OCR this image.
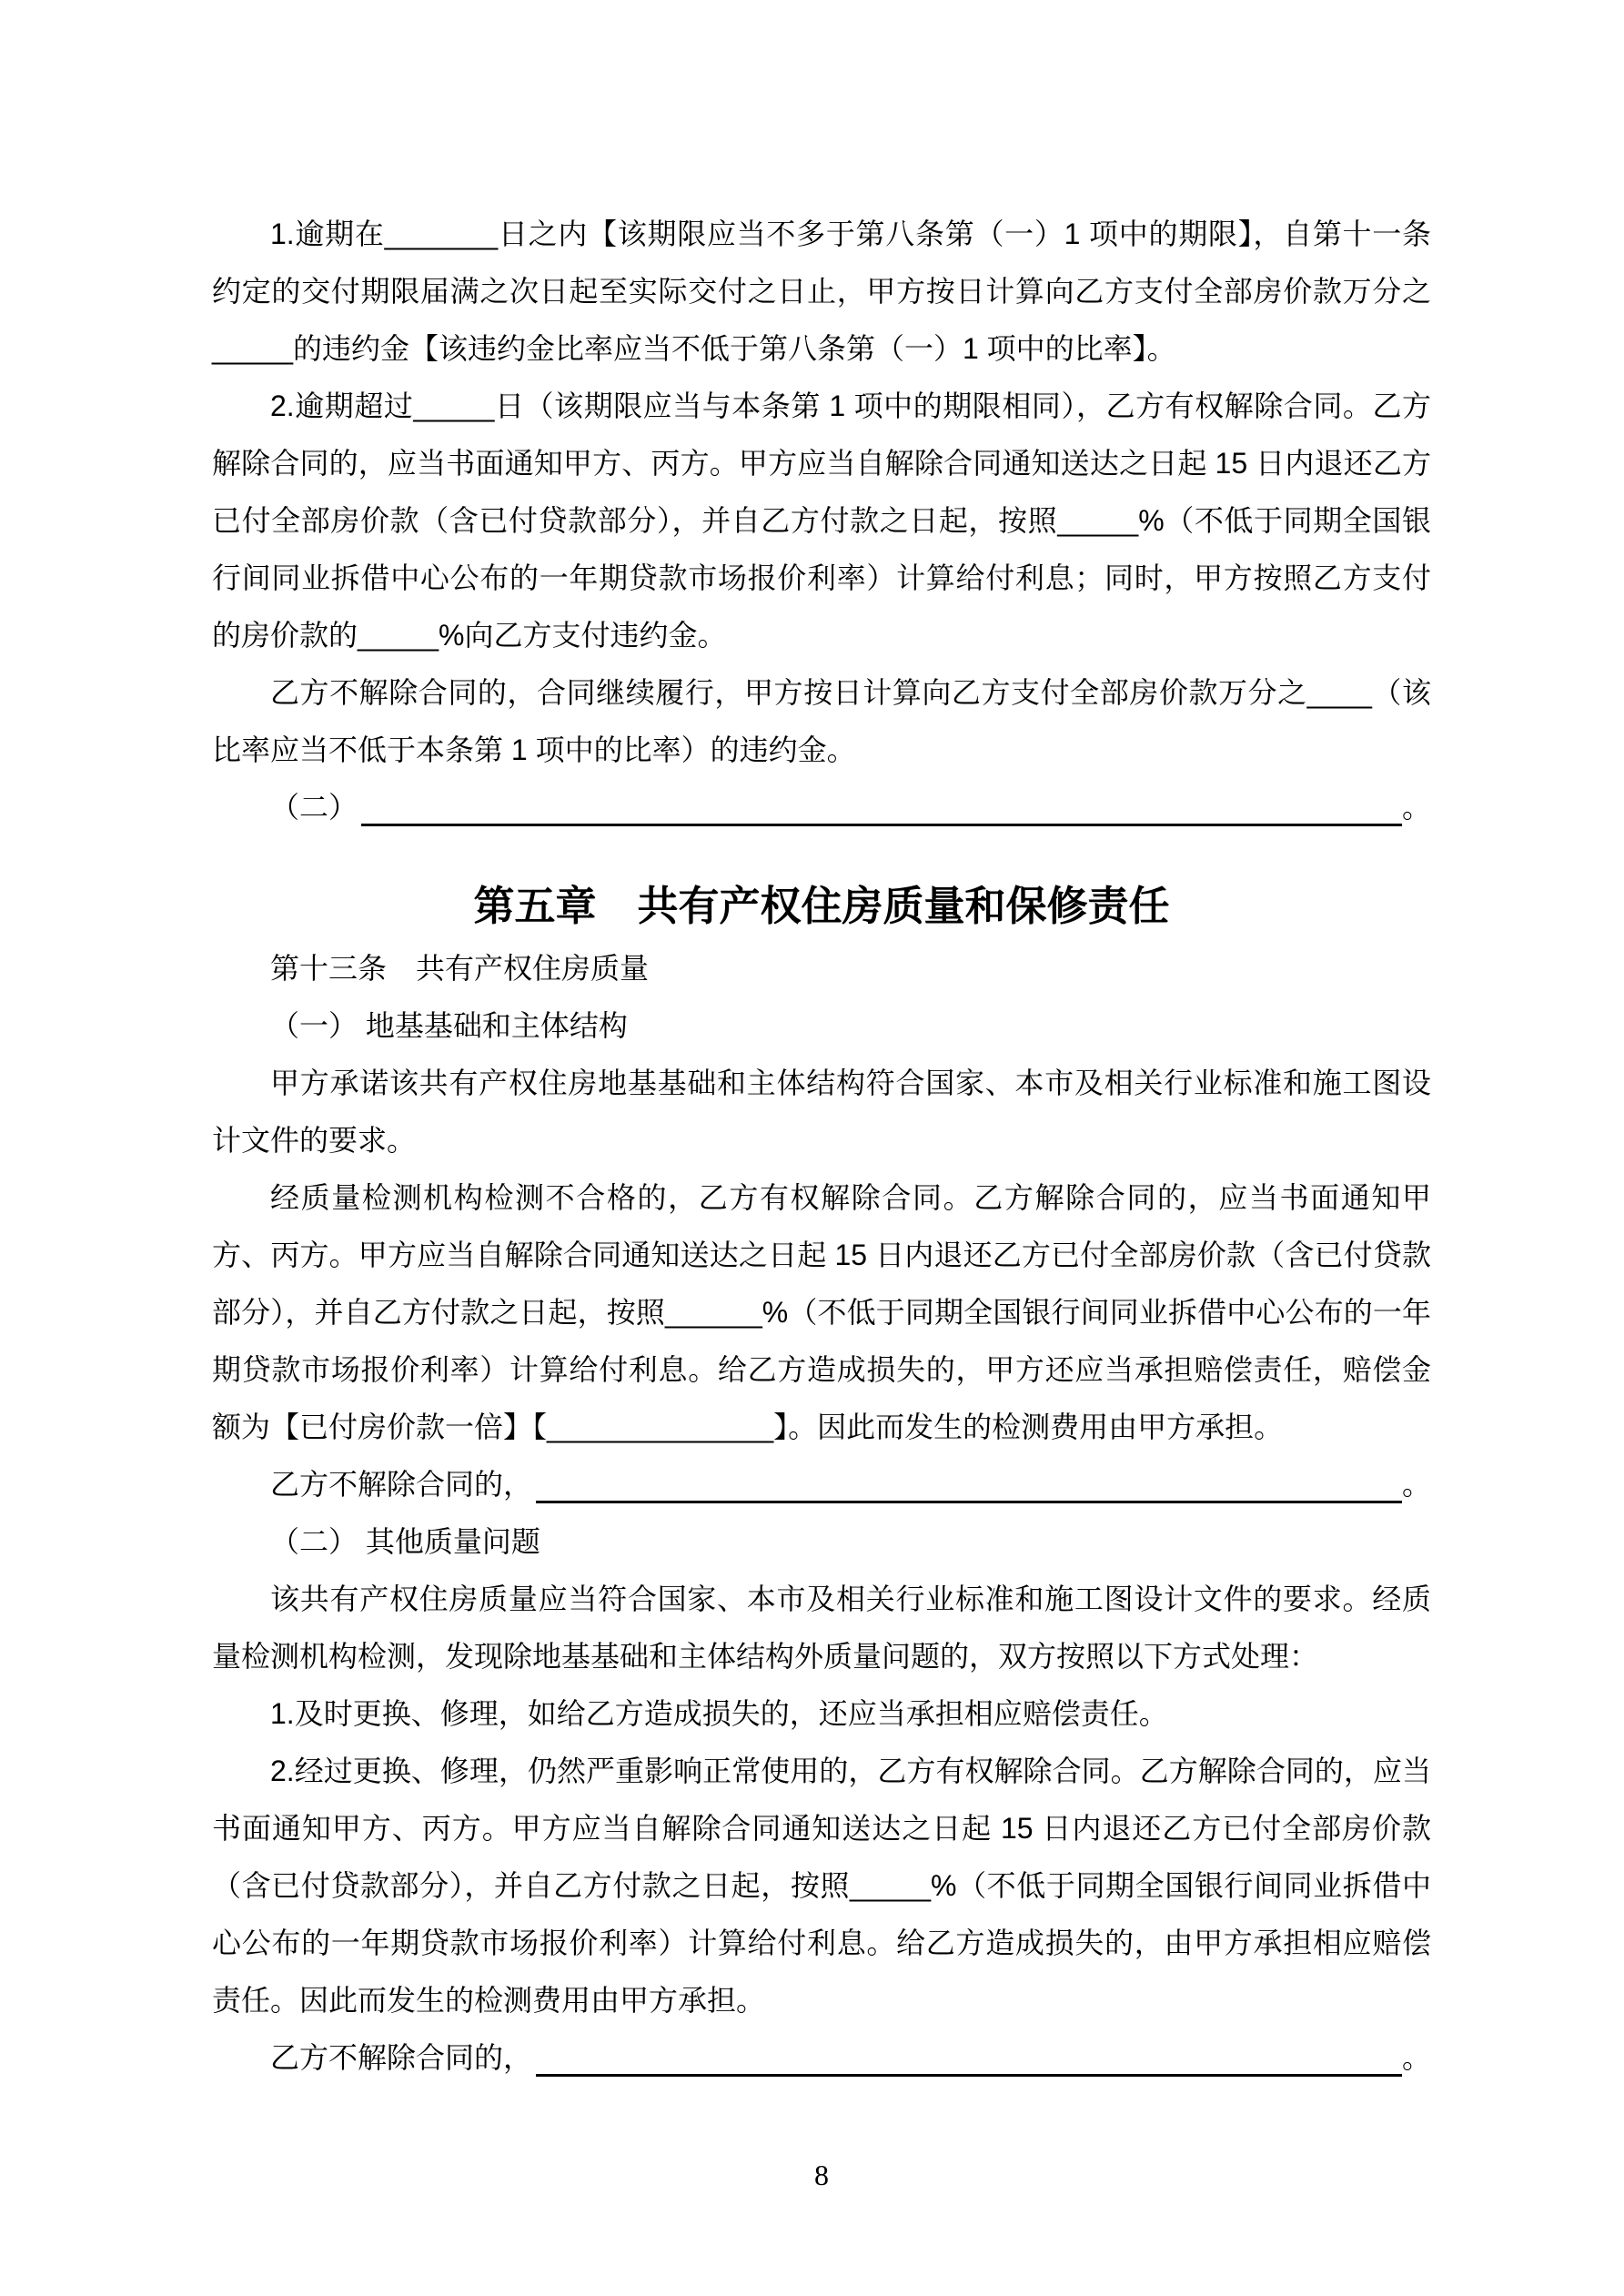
1.逾期在_______日之内【该期限应当不多于第八条第（一）1 项中的期限】，自第十一条约定的交付期限届满之次日起至实际交付之日止，甲方按日计算向乙方支付全部房价款万分之_____的违约金【该违约金比率应当不低于第八条第（一）1 项中的比率】。

2.逾期超过_____日（该期限应当与本条第 1 项中的期限相同），乙方有权解除合同。乙方解除合同的，应当书面通知甲方、丙方。甲方应当自解除合同通知送达之日起 15 日内退还乙方已付全部房价款（含已付贷款部分），并自乙方付款之日起，按照_____%（不低于同期全国银行间同业拆借中心公布的一年期贷款市场报价利率）计算给付利息；同时，甲方按照乙方支付的房价款的_____%向乙方支付违约金。

乙方不解除合同的，合同继续履行，甲方按日计算向乙方支付全部房价款万分之____（该比率应当不低于本条第 1 项中的比率）的违约金。

（二）	。
第五章　共有产权住房质量和保修责任

第十三条　共有产权住房质量

（一） 地基基础和主体结构

甲方承诺该共有产权住房地基基础和主体结构符合国家、本市及相关行业标准和施工图设计文件的要求。

经质量检测机构检测不合格的，乙方有权解除合同。乙方解除合同的，应当书面通知甲方、丙方。甲方应当自解除合同通知送达之日起 15 日内退还乙方已付全部房价款（含已付贷款部分），并自乙方付款之日起，按照______%（不低于同期全国银行间同业拆借中心公布的一年期贷款市场报价利率）计算给付利息。给乙方造成损失的，甲方还应当承担赔偿责任，赔偿金额为【已付房价款一倍】【______________】。因此而发生的检测费用由甲方承担。

乙方不解除合同的，	。

（二） 其他质量问题

该共有产权住房质量应当符合国家、本市及相关行业标准和施工图设计文件的要求。经质量检测机构检测，发现除地基基础和主体结构外质量问题的，双方按照以下方式处理：

1.及时更换、修理，如给乙方造成损失的，还应当承担相应赔偿责任。

2.经过更换、修理，仍然严重影响正常使用的，乙方有权解除合同。乙方解除合同的，应当书面通知甲方、丙方。甲方应当自解除合同通知送达之日起 15 日内退还乙方已付全部房价款（含已付贷款部分），并自乙方付款之日起，按照_____%（不低于同期全国银行间同业拆借中心公布的一年期贷款市场报价利率）计算给付利息。给乙方造成损失的，由甲方承担相应赔偿责任。因此而发生的检测费用由甲方承担。

乙方不解除合同的，	。
8
